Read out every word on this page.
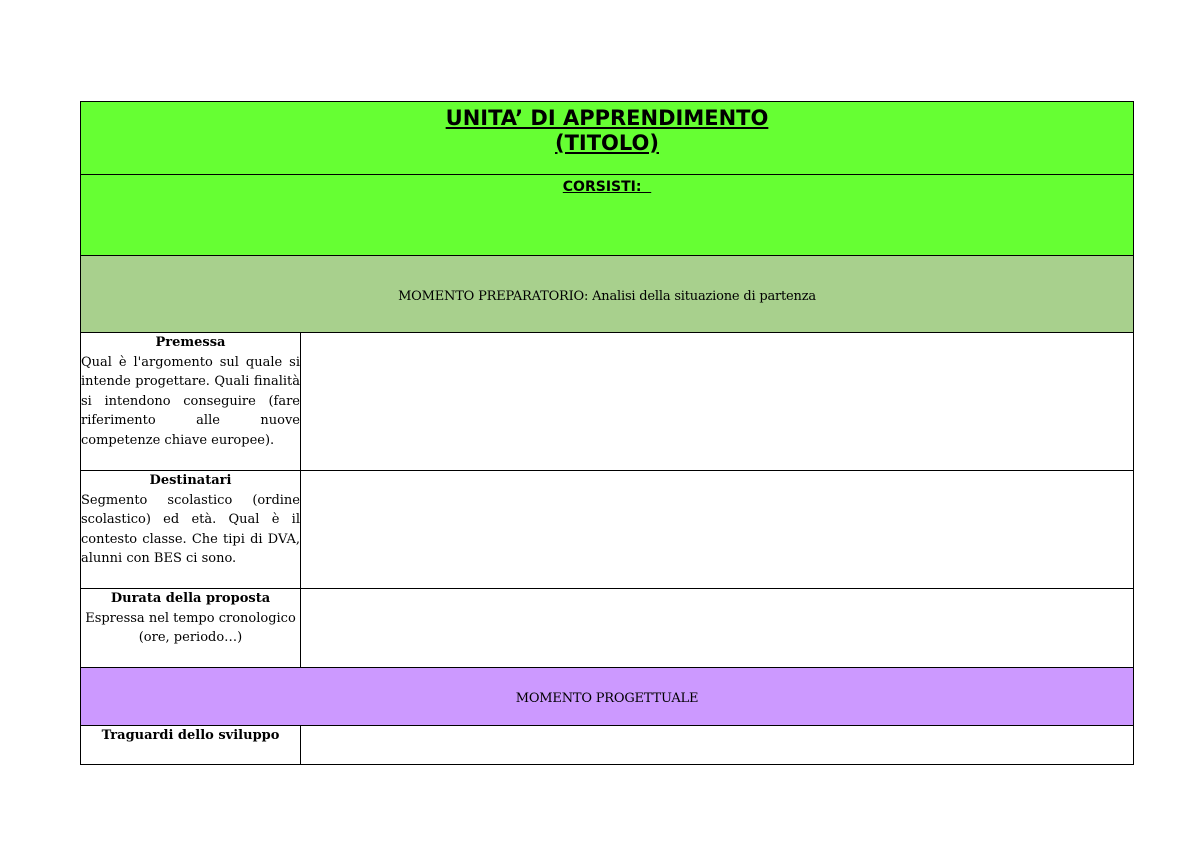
UNITA’ DI APPRENDIMENTO
(TITOLO)	

CORSISTI:	

MOMENTO PREPARATORIO: Analisi della situazione di partenza	

Premessa
Qual è l'argomento sul quale si intende progettare. Quali finalità si intendono conseguire (fare riferimento alle nuove competenze chiave europee).	

Destinatari
Segmento scolastico (ordine scolastico) ed età. Qual è il contesto classe. Che tipi di DVA, alunni con BES ci sono.	

Durata della proposta
Espressa nel tempo cronologico (ore, periodo…)	

MOMENTO PROGETTUALE	

Traguardi dello sviluppo	
